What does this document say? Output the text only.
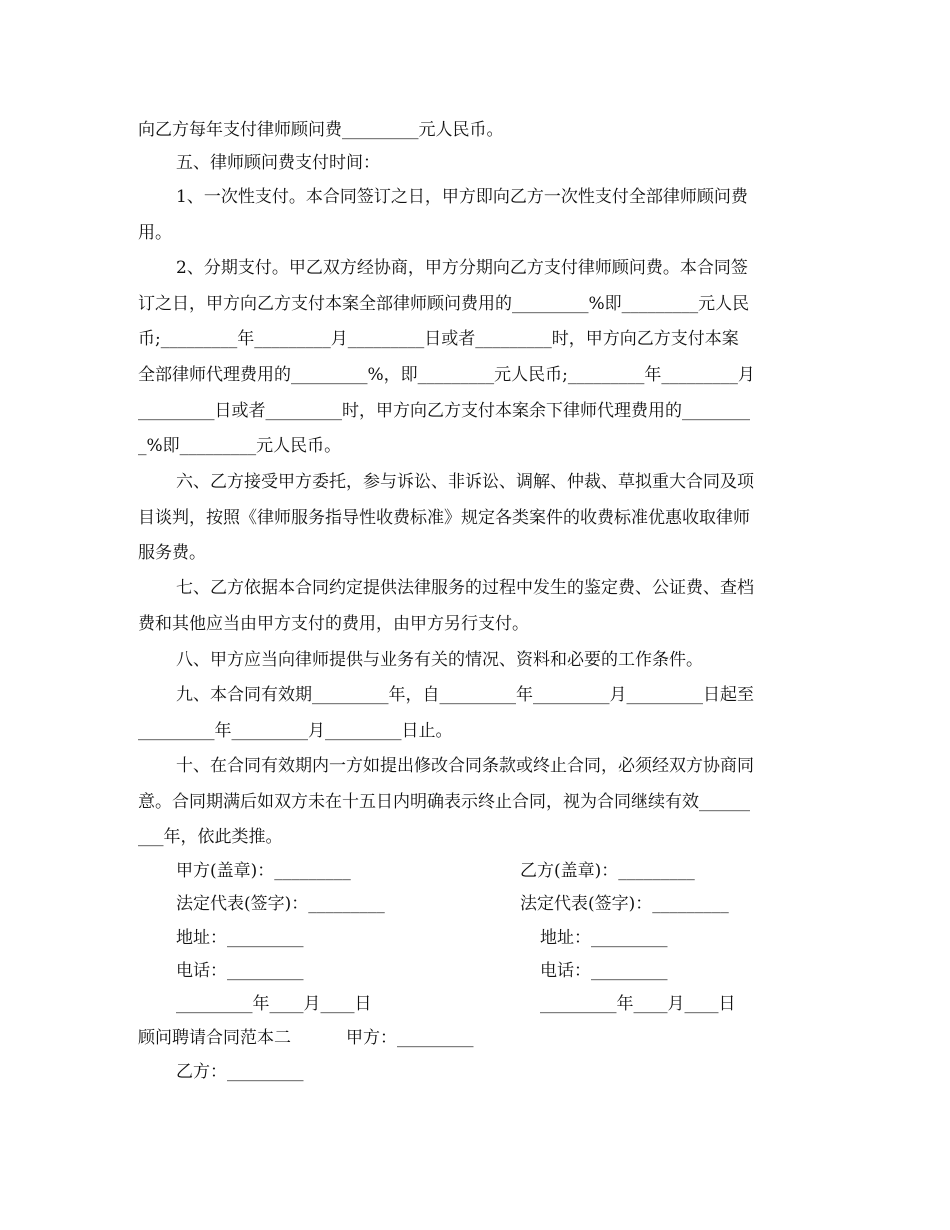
向乙方每年支付律师顾问费_________元人民币。
五、律师顾问费支付时间：
1、一次性支付。本合同签订之日，甲方即向乙方一次性支付全部律师顾问费
用。
2、分期支付。甲乙双方经协商，甲方分期向乙方支付律师顾问费。本合同签
订之日，甲方向乙方支付本案全部律师顾问费用的_________%即_________元人民
币;_________年_________月_________日或者_________时，甲方向乙方支付本案
全部律师代理费用的_________%，即_________元人民币;_________年_________月
_________日或者_________时，甲方向乙方支付本案余下律师代理费用的________
_%即_________元人民币。
六、乙方接受甲方委托，参与诉讼、非诉讼、调解、仲裁、草拟重大合同及项
目谈判，按照《律师服务指导性收费标准》规定各类案件的收费标准优惠收取律师
服务费。
七、乙方依据本合同约定提供法律服务的过程中发生的鉴定费、公证费、查档
费和其他应当由甲方支付的费用，由甲方另行支付。
八、甲方应当向律师提供与业务有关的情况、资料和必要的工作条件。
九、本合同有效期_________年，自_________年_________月_________日起至
_________年_________月_________日止。
十、在合同有效期内一方如提出修改合同条款或终止合同，必须经双方协商同
意。合同期满后如双方未在十五日内明确表示终止合同，视为合同继续有效______
___年，依此类推。
甲方(盖章)：_________
法定代表(签字)：_________
地址：_________
电话：_________
_________年____月____日
乙方(盖章)：_________
法定代表(签字)：_________
地址：_________
电话：_________
_________年____月____日
顾问聘请合同范本二	甲方：_________
乙方：_________
